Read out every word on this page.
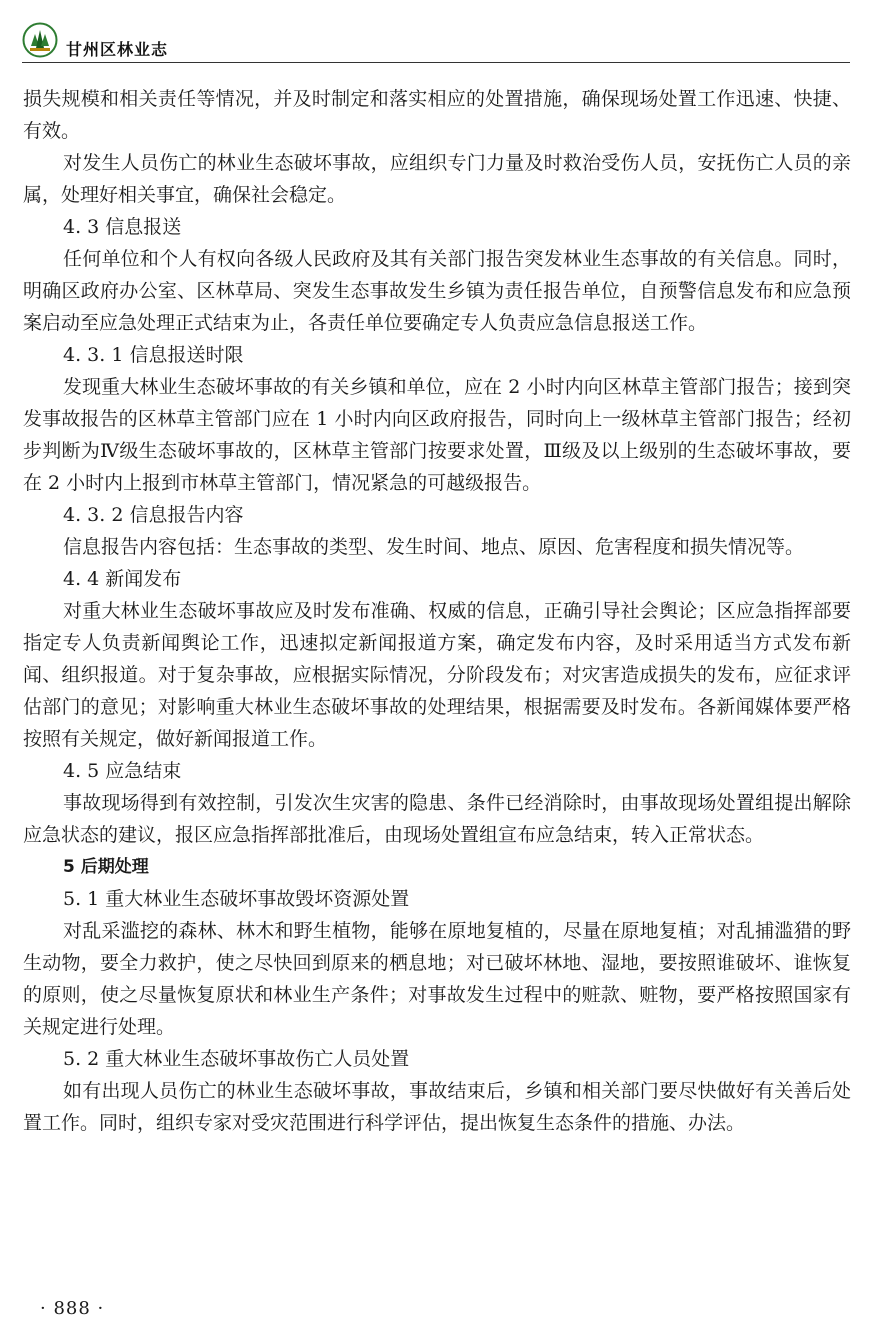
甘州区林业志

损失规模和相关责任等情况，并及时制定和落实相应的处置措施，确保现场处置工作迅速、快捷、有效。

对发生人员伤亡的林业生态破坏事故，应组织专门力量及时救治受伤人员，安抚伤亡人员的亲属，处理好相关事宜，确保社会稳定。

4. 3 信息报送

任何单位和个人有权向各级人民政府及其有关部门报告突发林业生态事故的有关信息。同时，明确区政府办公室、区林草局、突发生态事故发生乡镇为责任报告单位，自预警信息发布和应急预案启动至应急处理正式结束为止，各责任单位要确定专人负责应急信息报送工作。

4. 3. 1 信息报送时限

发现重大林业生态破坏事故的有关乡镇和单位，应在 2 小时内向区林草主管部门报告；接到突发事故报告的区林草主管部门应在 1 小时内向区政府报告，同时向上一级林草主管部门报告；经初步判断为Ⅳ级生态破坏事故的，区林草主管部门按要求处置，Ⅲ级及以上级别的生态破坏事故，要在 2 小时内上报到市林草主管部门，情况紧急的可越级报告。

4. 3. 2 信息报告内容

信息报告内容包括：生态事故的类型、发生时间、地点、原因、危害程度和损失情况等。

4. 4 新闻发布

对重大林业生态破坏事故应及时发布准确、权威的信息，正确引导社会舆论；区应急指挥部要指定专人负责新闻舆论工作，迅速拟定新闻报道方案，确定发布内容，及时采用适当方式发布新闻、组织报道。对于复杂事故，应根据实际情况，分阶段发布；对灾害造成损失的发布，应征求评估部门的意见；对影响重大林业生态破坏事故的处理结果，根据需要及时发布。各新闻媒体要严格按照有关规定，做好新闻报道工作。

4. 5 应急结束

事故现场得到有效控制，引发次生灾害的隐患、条件已经消除时，由事故现场处置组提出解除应急状态的建议，报区应急指挥部批准后，由现场处置组宣布应急结束，转入正常状态。

5 后期处理
5. 1 重大林业生态破坏事故毁坏资源处置

对乱采滥挖的森林、林木和野生植物，能够在原地复植的，尽量在原地复植；对乱捕滥猎的野生动物，要全力救护，使之尽快回到原来的栖息地；对已破坏林地、湿地，要按照谁破坏、谁恢复的原则，使之尽量恢复原状和林业生产条件；对事故发生过程中的赃款、赃物，要严格按照国家有关规定进行处理。

5. 2 重大林业生态破坏事故伤亡人员处置

如有出现人员伤亡的林业生态破坏事故，事故结束后，乡镇和相关部门要尽快做好有关善后处置工作。同时，组织专家对受灾范围进行科学评估，提出恢复生态条件的措施、办法。

· 888 ·
